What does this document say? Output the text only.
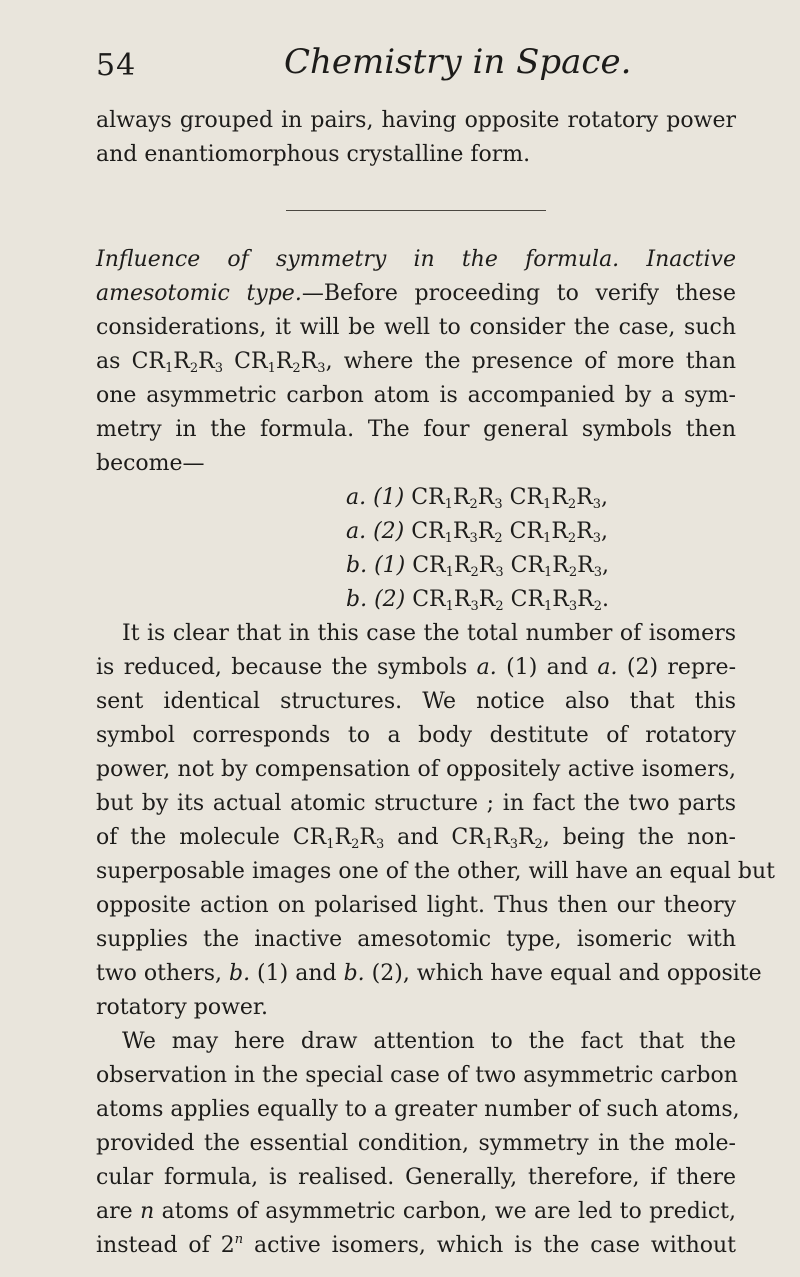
54	Chemistry in Space.
always grouped in pairs, having opposite rotatory power
and enantiomorphous crystalline form.
Influence of symmetry in the formula. Inactive
amesotomic type.—Before proceeding to verify these
considerations, it will be well to consider the case, such
as $CR_1R_2R_3$ $CR_1R_2R_3$, where the presence of more than
one asymmetric carbon atom is accompanied by a sym-
metry in the formula. The four general symbols then
become—
a. (1) $CR_1R_2R_3$ $CR_1R_2R_3$,
a. (2) $CR_1R_3R_2$ $CR_1R_2R_3$,
b. (1) $CR_1R_2R_3$ $CR_1R_2R_3$,
b. (2) $CR_1R_3R_2$ $CR_1R_3R_2$.
It is clear that in this case the total number of isomers
is reduced, because the symbols a. (1) and a. (2) repre-
sent identical structures. We notice also that this
symbol corresponds to a body destitute of rotatory
power, not by compensation of oppositely active isomers,
but by its actual atomic structure ; in fact the two parts
of the molecule $CR_1R_2R_3$ and $CR_1R_3R_2$, being the non-
superposable images one of the other, will have an equal but
opposite action on polarised light. Thus then our theory
supplies the inactive amesotomic type, isomeric with
two others, b. (1) and b. (2), which have equal and opposite
rotatory power.
We may here draw attention to the fact that the
observation in the special case of two asymmetric carbon
atoms applies equally to a greater number of such atoms,
provided the essential condition, symmetry in the mole-
cular formula, is realised. Generally, therefore, if there
are n atoms of asymmetric carbon, we are led to predict,
instead of 2$^n$ active isomers, which is the case without
